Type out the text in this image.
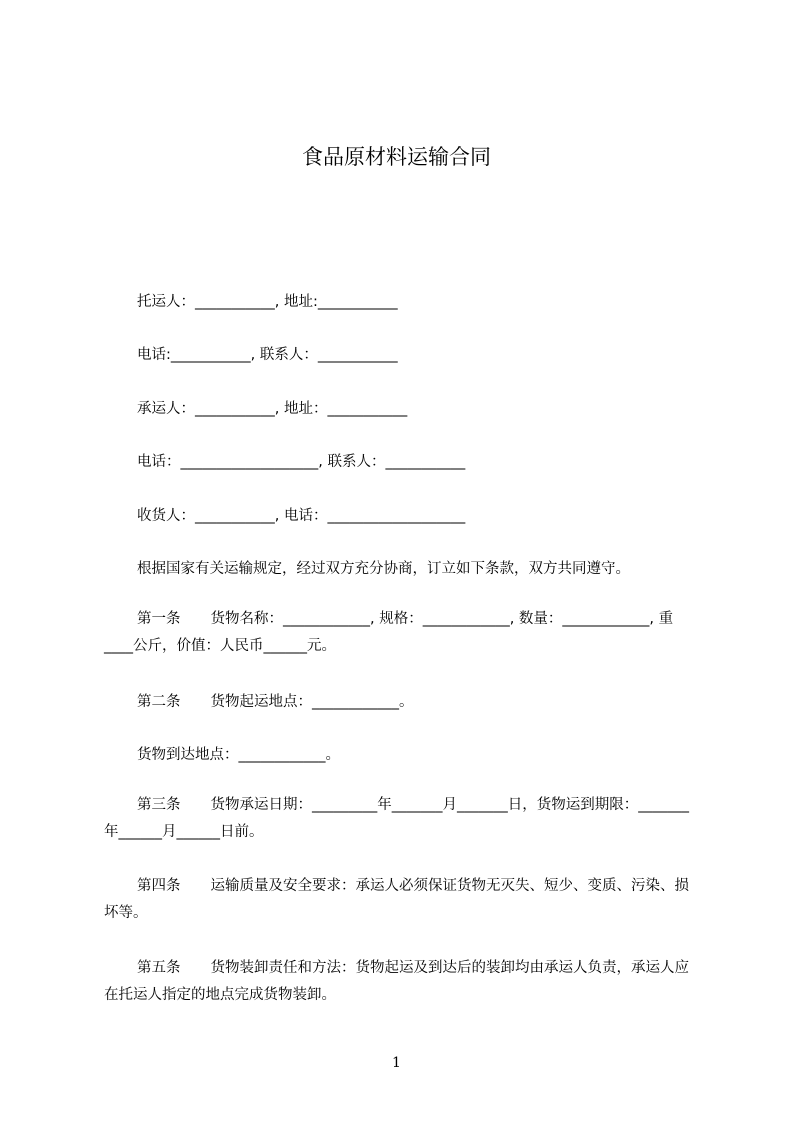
食品原材料运输合同
托运人：___________, 地址:___________
电话:___________, 联系人：___________
承运人：___________, 地址：___________
电话：___________________, 联系人：___________
收货人：___________, 电话：___________________
根据国家有关运输规定，经过双方充分协商，订立如下条款，双方共同遵守。
第一条 货物名称：____________, 规格：____________, 数量：____________, 重____公斤，价值：人民币______元。
第二条 货物起运地点：____________。
货物到达地点：____________。
第三条 货物承运日期：_________年_______月_______日，货物运到期限：_______年______月______日前。
第四条 运输质量及安全要求：承运人必须保证货物无灭失、短少、变质、污染、损坏等。
第五条 货物装卸责任和方法：货物起运及到达后的装卸均由承运人负责，承运人应在托运人指定的地点完成货物装卸。
1
